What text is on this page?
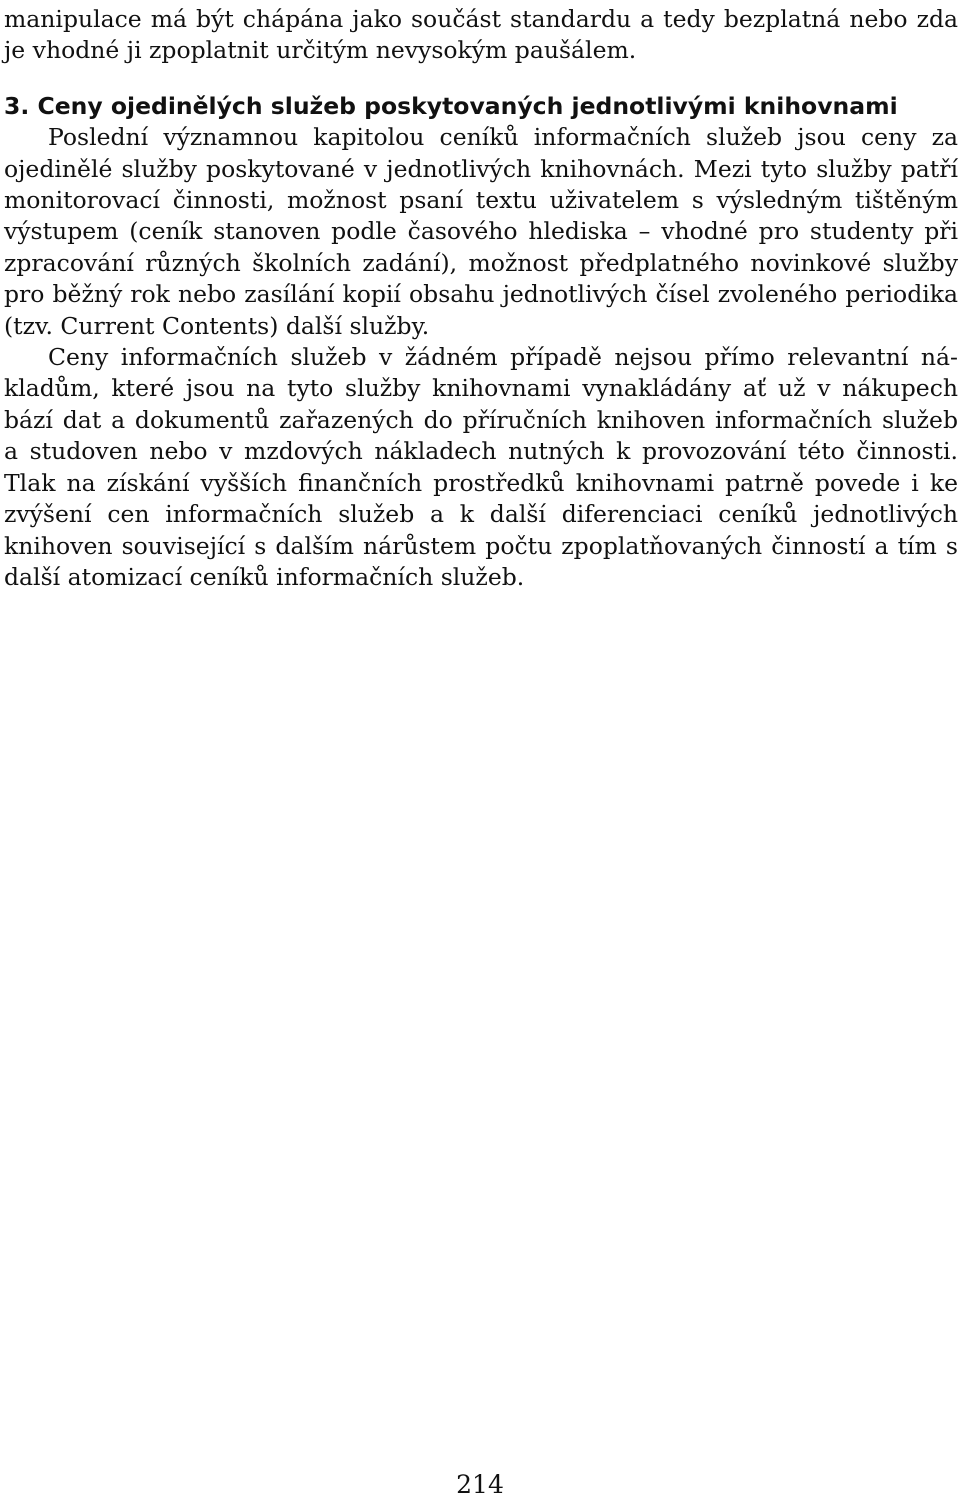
manipulace má být chápána jako součást standardu a tedy bezplatná nebo zda je vhodné ji zpoplatnit určitým nevysokým paušálem.

3. Ceny ojedinělých služeb poskytovaných jednotlivými knihovnami

Poslední významnou kapitolou ceníků informačních služeb jsou ceny za ojedinělé služby poskytované v jednotlivých knihovnách. Mezi tyto služby patří monitorovací činnosti, možnost psaní textu uživatelem s výsledným tištěným výstupem (ceník stanoven podle časového hlediska – vhodné pro studenty při zpracování různých školních zadání), možnost předplatného novinkové služby pro běžný rok nebo zasílání kopií obsahu jednotlivých čísel zvoleného periodika (tzv. Current Contents) další služby.

Ceny informačních služeb v žádném případě nejsou přímo relevantní nákladům, které jsou na tyto služby knihovnami vynakládány ať už v nákupech bází dat a dokumentů zařazených do příručních knihoven informačních služeb a studoven nebo v mzdových nákladech nutných k provozování této činnosti. Tlak na získání vyšších finančních prostředků knihovnami patrně povede i ke zvýšení cen informačních služeb a k další diferenciaci ceníků jednotlivých knihoven související s dalším nárůstem počtu zpoplatňovaných činností a tím s další atomizací ceníků informačních služeb.

214
